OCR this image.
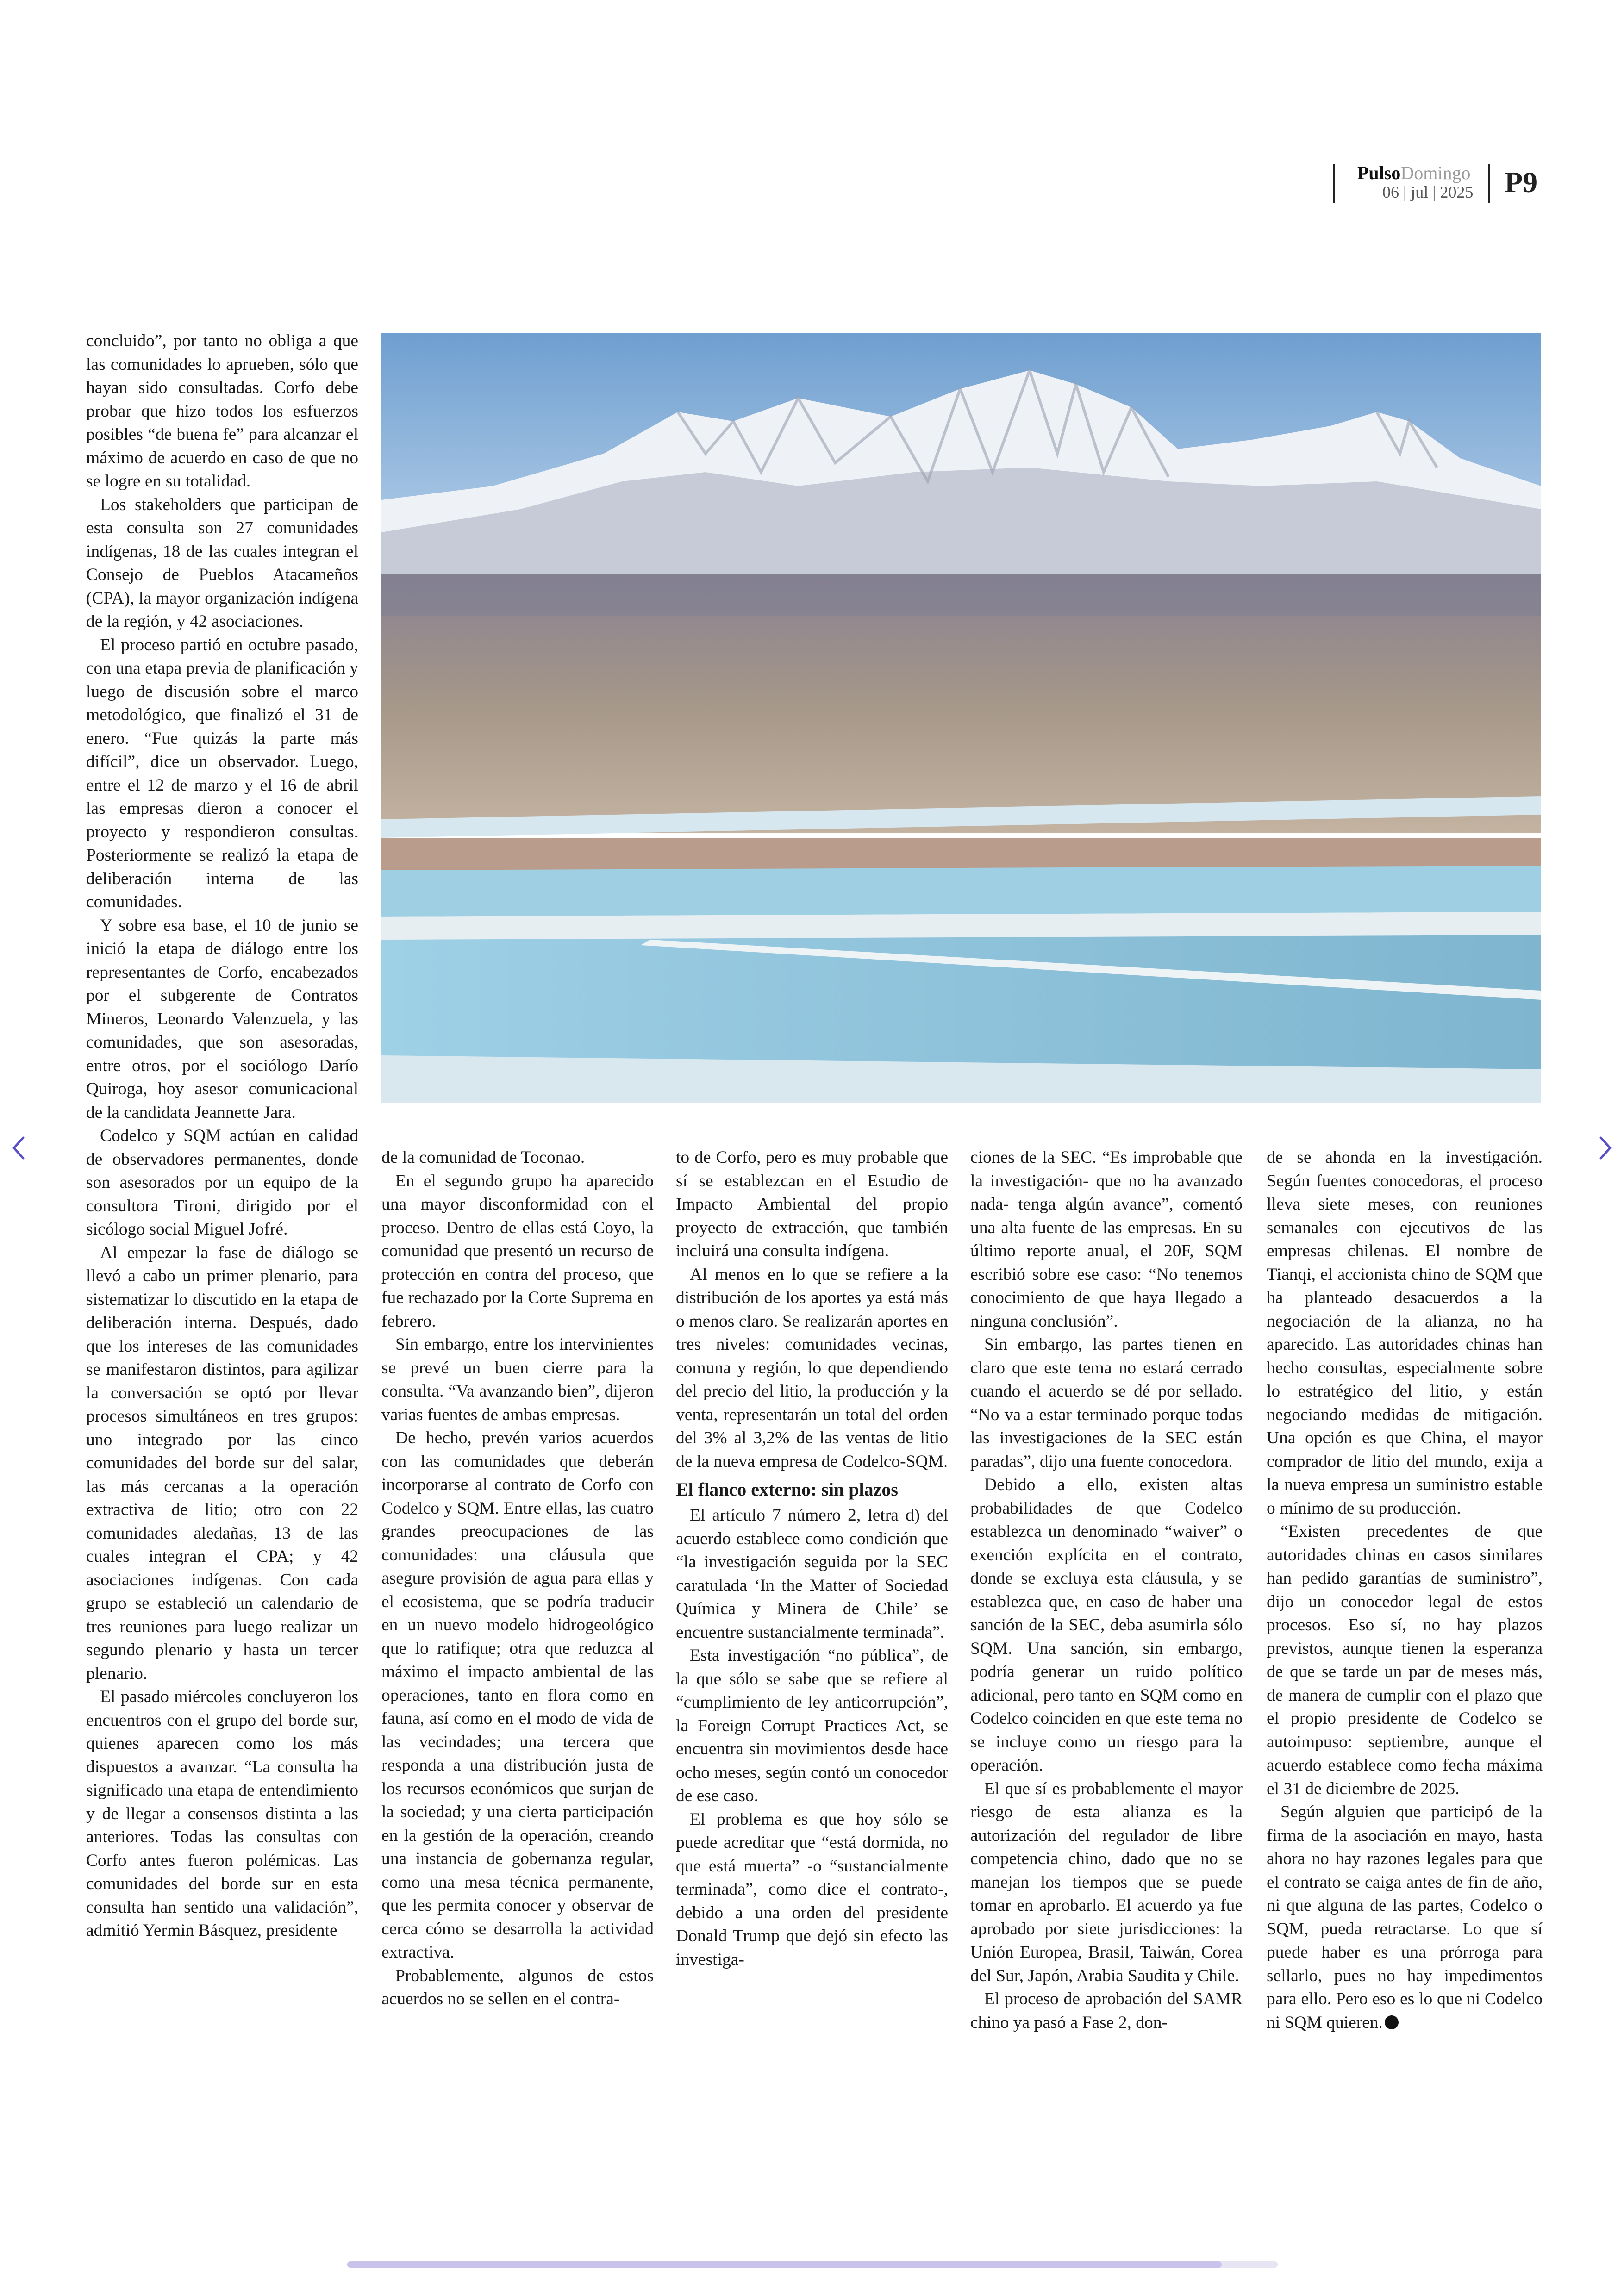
PulsoDomingo
06 | jul | 2025 P9

concluido”, por tanto no obliga a que las comunidades lo aprueben, sólo que hayan sido consultadas. Corfo debe probar que hizo todos los esfuerzos posibles “de buena fe” para alcanzar el máximo de acuerdo en caso de que no se logre en su totalidad.

Los stakeholders que participan de esta consulta son 27 comunidades indígenas, 18 de las cuales integran el Consejo de Pueblos Atacameños (CPA), la mayor organización indígena de la región, y 42 asociaciones.

El proceso partió en octubre pasado, con una etapa previa de planificación y luego de discusión sobre el marco metodológico, que finalizó el 31 de enero. “Fue quizás la parte más difícil”, dice un observador. Luego, entre el 12 de marzo y el 16 de abril las empresas dieron a conocer el proyecto y respondieron consultas. Posteriormente se realizó la etapa de deliberación interna de las comunidades.

Y sobre esa base, el 10 de junio se inició la etapa de diálogo entre los representantes de Corfo, encabezados por el subgerente de Contratos Mineros, Leonardo Valenzuela, y las comunidades, que son asesoradas, entre otros, por el sociólogo Darío Quiroga, hoy asesor comunicacional de la candidata Jeannette Jara.

Codelco y SQM actúan en calidad de observadores permanentes, donde son asesorados por un equipo de la consultora Tironi, dirigido por el sicólogo social Miguel Jofré.

Al empezar la fase de diálogo se llevó a cabo un primer plenario, para sistematizar lo discutido en la etapa de deliberación interna. Después, dado que los intereses de las comunidades se manifestaron distintos, para agilizar la conversación se optó por llevar procesos simultáneos en tres grupos: uno integrado por las cinco comunidades del borde sur del salar, las más cercanas a la operación extractiva de litio; otro con 22 comunidades aledañas, 13 de las cuales integran el CPA; y 42 asociaciones indígenas. Con cada grupo se estableció un calendario de tres reuniones para luego realizar un segundo plenario y hasta un tercer plenario.

El pasado miércoles concluyeron los encuentros con el grupo del borde sur, quienes aparecen como los más dispuestos a avanzar. “La consulta ha significado una etapa de entendimiento y de llegar a consensos distinta a las anteriores. Todas las consultas con Corfo antes fueron polémicas. Las comunidades del borde sur en esta consulta han sentido una validación”, admitió Yermin Básquez, presidente

de la comunidad de Toconao.

En el segundo grupo ha aparecido una mayor disconformidad con el proceso. Dentro de ellas está Coyo, la comunidad que presentó un recurso de protección en contra del proceso, que fue rechazado por la Corte Suprema en febrero.

Sin embargo, entre los intervinientes se prevé un buen cierre para la consulta. “Va avanzando bien”, dijeron varias fuentes de ambas empresas.

De hecho, prevén varios acuerdos con las comunidades que deberán incorporarse al contrato de Corfo con Codelco y SQM. Entre ellas, las cuatro grandes preocupaciones de las comunidades: una cláusula que asegure provisión de agua para ellas y el ecosistema, que se podría traducir en un nuevo modelo hidrogeológico que lo ratifique; otra que reduzca al máximo el impacto ambiental de las operaciones, tanto en flora como en fauna, así como en el modo de vida de las vecindades; una tercera que responda a una distribución justa de los recursos económicos que surjan de la sociedad; y una cierta participación en la gestión de la operación, creando una instancia de gobernanza regular, como una mesa técnica permanente, que les permita conocer y observar de cerca cómo se desarrolla la actividad extractiva.

Probablemente, algunos de estos acuerdos no se sellen en el contra-

to de Corfo, pero es muy probable que sí se establezcan en el Estudio de Impacto Ambiental del propio proyecto de extracción, que también incluirá una consulta indígena.

Al menos en lo que se refiere a la distribución de los aportes ya está más o menos claro. Se realizarán aportes en tres niveles: comunidades vecinas, comuna y región, lo que dependiendo del precio del litio, la producción y la venta, representarán un total del orden del 3% al 3,2% de las ventas de litio de la nueva empresa de Codelco-SQM.

El flanco externo: sin plazos

El artículo 7 número 2, letra d) del acuerdo establece como condición que “la investigación seguida por la SEC caratulada ‘In the Matter of Sociedad Química y Minera de Chile’ se encuentre sustancialmente terminada”.

Esta investigación “no pública”, de la que sólo se sabe que se refiere al “cumplimiento de ley anticorrupción”, la Foreign Corrupt Practices Act, se encuentra sin movimientos desde hace ocho meses, según contó un conocedor de ese caso.

El problema es que hoy sólo se puede acreditar que “está dormida, no que está muerta” -o “sustancialmente terminada”, como dice el contrato-, debido a una orden del presidente Donald Trump que dejó sin efecto las investiga-

ciones de la SEC. “Es improbable que la investigación- que no ha avanzado nada- tenga algún avance”, comentó una alta fuente de las empresas. En su último reporte anual, el 20F, SQM escribió sobre ese caso: “No tenemos conocimiento de que haya llegado a ninguna conclusión”.

Sin embargo, las partes tienen en claro que este tema no estará cerrado cuando el acuerdo se dé por sellado. “No va a estar terminado porque todas las investigaciones de la SEC están paradas”, dijo una fuente conocedora.

Debido a ello, existen altas probabilidades de que Codelco establezca un denominado “waiver” o exención explícita en el contrato, donde se excluya esta cláusula, y se establezca que, en caso de haber una sanción de la SEC, deba asumirla sólo SQM. Una sanción, sin embargo, podría generar un ruido político adicional, pero tanto en SQM como en Codelco coinciden en que este tema no se incluye como un riesgo para la operación.

El que sí es probablemente el mayor riesgo de esta alianza es la autorización del regulador de libre competencia chino, dado que no se manejan los tiempos que se puede tomar en aprobarlo. El acuerdo ya fue aprobado por siete jurisdicciones: la Unión Europea, Brasil, Taiwán, Corea del Sur, Japón, Arabia Saudita y Chile.

El proceso de aprobación del SAMR chino ya pasó a Fase 2, don-

de se ahonda en la investigación. Según fuentes conocedoras, el proceso lleva siete meses, con reuniones semanales con ejecutivos de las empresas chilenas. El nombre de Tianqi, el accionista chino de SQM que ha planteado desacuerdos a la negociación de la alianza, no ha aparecido. Las autoridades chinas han hecho consultas, especialmente sobre lo estratégico del litio, y están negociando medidas de mitigación. Una opción es que China, el mayor comprador de litio del mundo, exija a la nueva empresa un suministro estable o mínimo de su producción.

“Existen precedentes de que autoridades chinas en casos similares han pedido garantías de suministro”, dijo un conocedor legal de estos procesos. Eso sí, no hay plazos previstos, aunque tienen la esperanza de que se tarde un par de meses más, de manera de cumplir con el plazo que el propio presidente de Codelco se autoimpuso: septiembre, aunque el acuerdo establece como fecha máxima el 31 de diciembre de 2025.

Según alguien que participó de la firma de la asociación en mayo, hasta ahora no hay razones legales para que el contrato se caiga antes de fin de año, ni que alguna de las partes, Codelco o SQM, pueda retractarse. Lo que sí puede haber es una prórroga para sellarlo, pues no hay impedimentos para ello. Pero eso es lo que ni Codelco ni SQM quieren.
